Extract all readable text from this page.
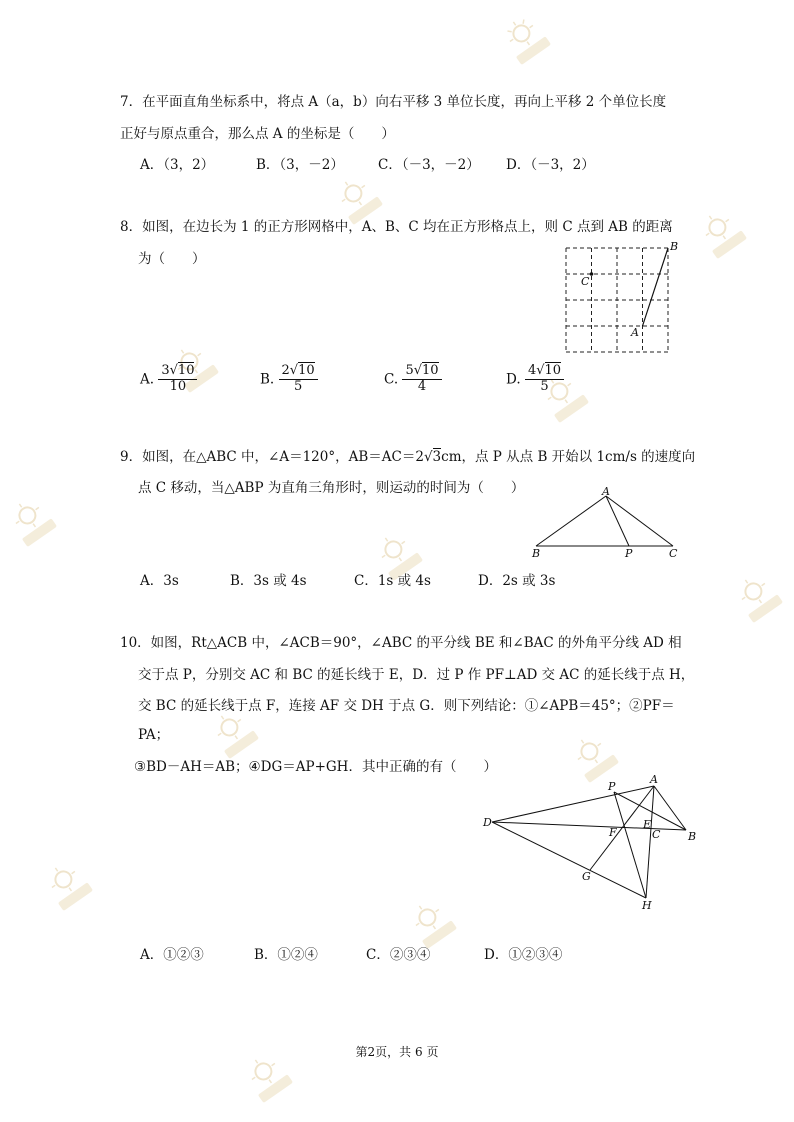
7．在平面直角坐标系中，将点 A（a，b）向右平移 3 单位长度，再向上平移 2 个单位长度
正好与原点重合，那么点 A 的坐标是（　　）
A．（3，2）	B．（3，－2）	C．（－3，－2） D．（－3，2）
8．如图，在边长为 1 的正方形网格中，A、B、C 均在正方形格点上，则 C 点到 AB 的距离
为（　　）
B
C
A
A. $\frac{3√10}{10}$	B. $\frac{2√10}{5}$	C. $\frac{5√10}{4}$	D. $\frac{4√10}{5}$
9．如图，在△ABC 中，∠A＝120°，AB＝AC＝2√3cm，点 P 从点 B 开始以 1cm/s 的速度向
点 C 移动，当△ABP 为直角三角形时，则运动的时间为（　　）	A
B	C
P
A．3s	B．3s 或 4s	C．1s 或 4s	D．2s 或 3s
10．如图，Rt△ACB 中，∠ACB＝90°，∠ABC 的平分线 BE 和∠BAC 的外角平分线 AD 相
交于点 P，分别交 AC 和 BC 的延长线于 E，D．过 P 作 PF⊥AD 交 AC 的延长线于点 H，
交 BC 的延长线于点 F，连接 AF 交 DH 于点 G．则下列结论：①∠APB＝45°；②PF＝
PA；
③BD－AH＝AB；④DG＝AP+GH．其中正确的有（　　）
D
A
P
B
E
C
F
G
H
A．①②③	B．①②④	C．②③④	D．①②③④
第2页，共 6 页
